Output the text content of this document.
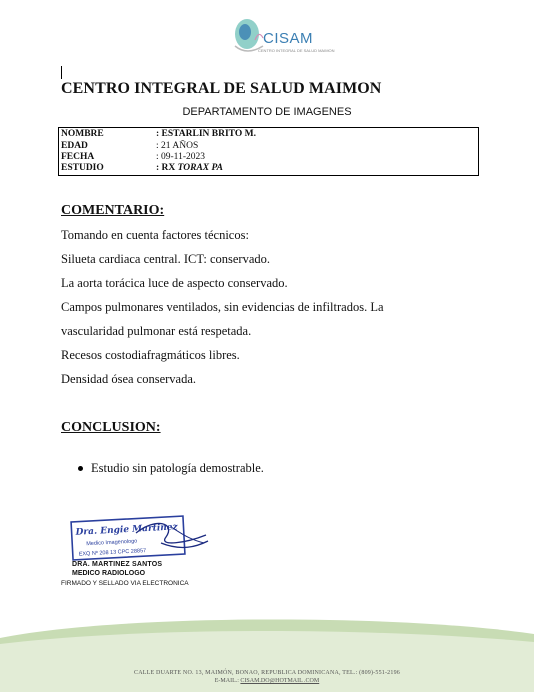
CISAM
CENTRO INTEGRAL DE SALUD MAIMON
CENTRO INTEGRAL DE SALUD MAIMON
DEPARTAMENTO DE IMAGENES
NOMBRE	: ESTARLIN BRITO M.
EDAD	: 21 AÑOS
FECHA	: 09-11-2023
ESTUDIO	: RX TORAX PA
COMENTARIO:
Tomando en cuenta factores técnicos:
Silueta cardiaca central. ICT: conservado.
La aorta torácica luce de aspecto conservado.
Campos pulmonares ventilados, sin evidencias de infiltrados. La
vascularidad pulmonar está respetada.
Recesos costodiafragmáticos libres.
Densidad ósea conservada.
CONCLUSION:
Estudio sin patología demostrable.
Dra. Engie Martinez
Medico Imagenologo
EXQ Nº 208 13 CPC 28857
DRA. MARTINEZ SANTOS
MEDICO RADIOLOGO
FIRMADO Y SELLADO VIA ELECTRONICA
CALLE DUARTE NO. 13, MAIMÓN, BONAO, REPUBLICA DOMINICANA, TEL.: (809)-551-2196
E-MAIL.: CISAM.DO@HOTMAIL .COM
